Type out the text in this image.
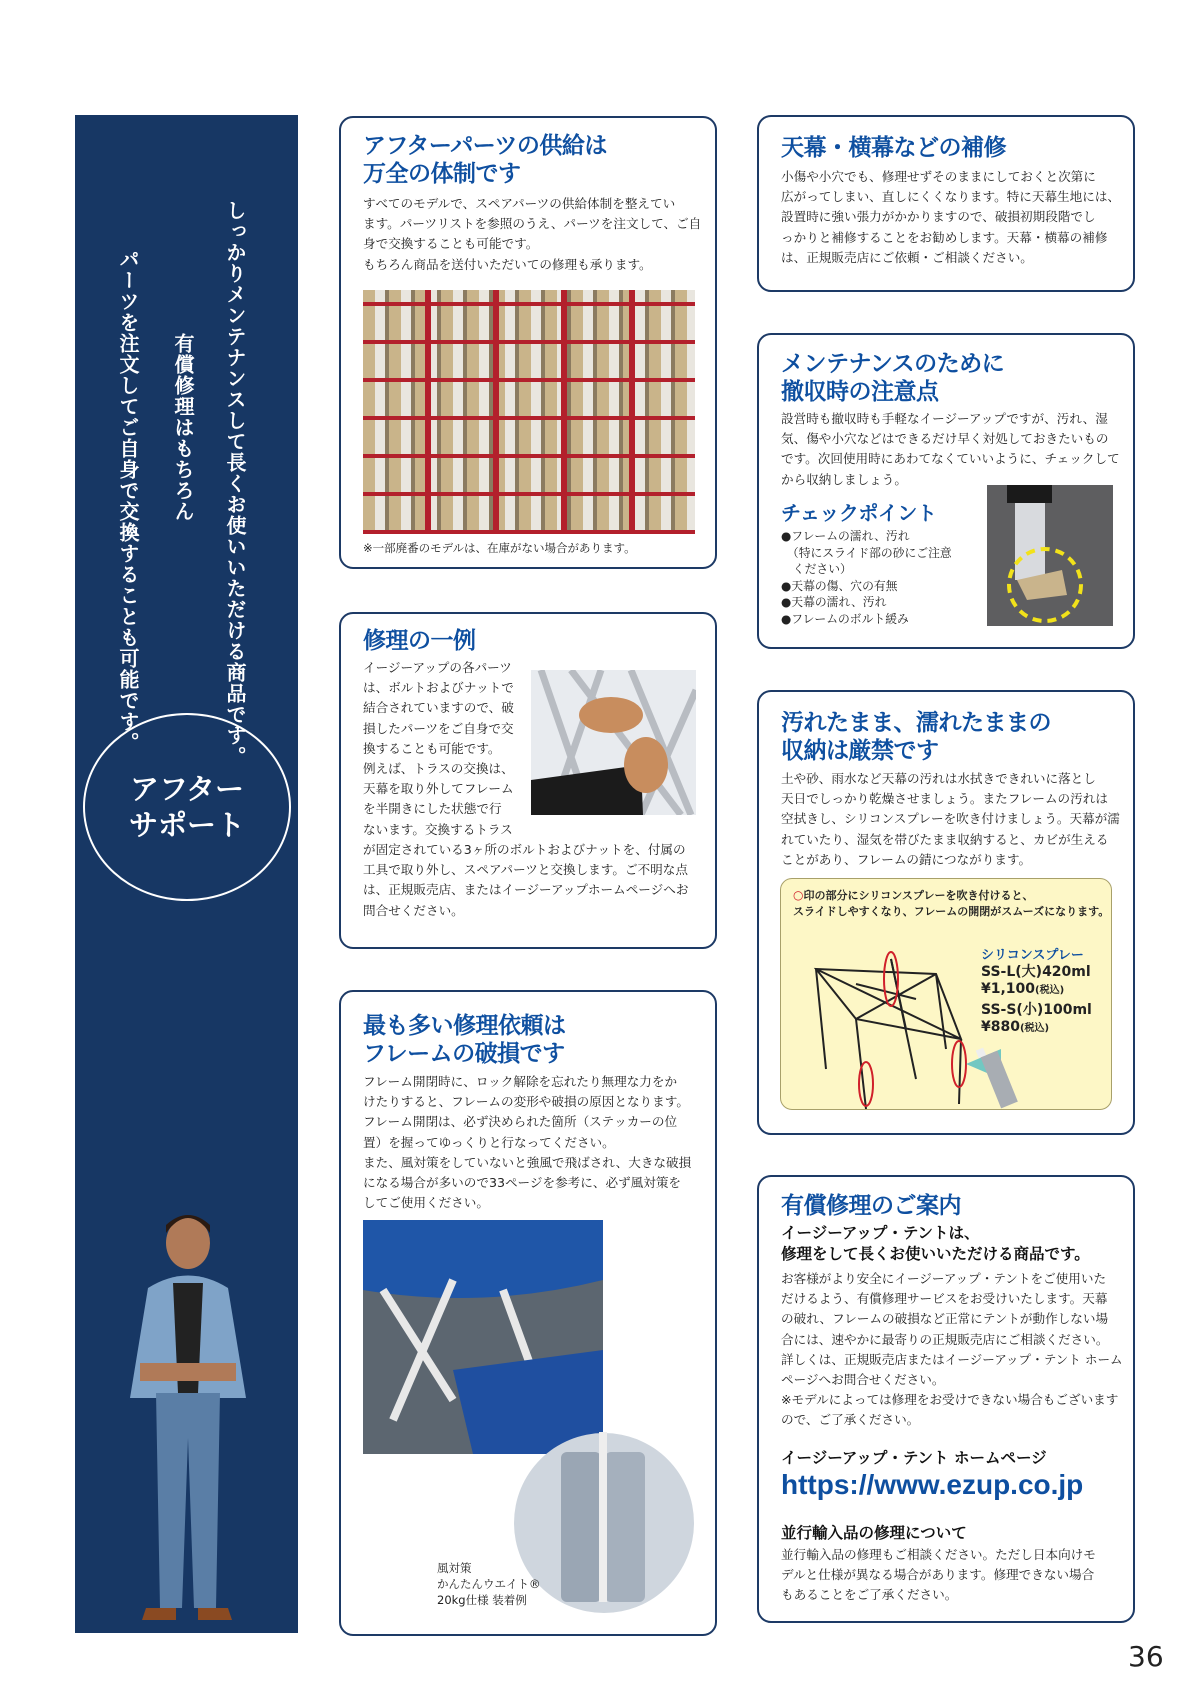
しっかりメンテナンスして長くお使いいただける商品です。
有償修理はもちろん
パーツを注文してご自身で交換することも可能です。
アフター
サポート
アフターパーツの供給は
万全の体制です
すべてのモデルで、スペアパーツの供給体制を整えてい
ます。パーツリストを参照のうえ、パーツを注文して、ご自
身で交換することも可能です。
もちろん商品を送付いただいての修理も承ります。
※一部廃番のモデルは、在庫がない場合があります。
修理の一例
イージーアップの各パーツ
は、ボルトおよびナットで
結合されていますので、破
損したパーツをご自身で交
換することも可能です。
例えば、トラスの交換は、
天幕を取り外してフレーム
を半開きにした状態で行
ないます。交換するトラス
が固定されている3ヶ所のボルトおよびナットを、付属の
工具で取り外し、スペアパーツと交換します。ご不明な点
は、正規販売店、またはイージーアップホームページへお
問合せください。
最も多い修理依頼は
フレームの破損です
フレーム開閉時に、ロック解除を忘れたり無理な力をか
けたりすると、フレームの変形や破損の原因となります。
フレーム開閉は、必ず決められた箇所（ステッカーの位
置）を握ってゆっくりと行なってください。
また、風対策をしていないと強風で飛ばされ、大きな破損
になる場合が多いので33ページを参考に、必ず風対策を
してご使用ください。
風対策
かんたんウエイト®
20kg仕様 装着例
天幕・横幕などの補修
小傷や小穴でも、修理せずそのままにしておくと次第に
広がってしまい、直しにくくなります。特に天幕生地には、
設置時に強い張力がかかりますので、破損初期段階でし
っかりと補修することをお勧めします。天幕・横幕の補修
は、正規販売店にご依頼・ご相談ください。
メンテナンスのために
撤収時の注意点
設営時も撤収時も手軽なイージーアップですが、汚れ、湿
気、傷や小穴などはできるだけ早く対処しておきたいもの
です。次回使用時にあわてなくていいように、チェックして
から収納しましょう。
チェックポイント
●フレームの濡れ、汚れ
　（特にスライド部の砂にご注意
　ください）
●天幕の傷、穴の有無
●天幕の濡れ、汚れ
●フレームのボルト緩み
汚れたまま、濡れたままの
収納は厳禁です
土や砂、雨水など天幕の汚れは水拭きできれいに落とし
天日でしっかり乾燥させましょう。またフレームの汚れは
空拭きし、シリコンスプレーを吹き付けましょう。天幕が濡
れていたり、湿気を帯びたまま収納すると、カビが生える
ことがあり、フレームの錆につながります。
○印の部分にシリコンスプレーを吹き付けると、
スライドしやすくなり、フレームの開閉がスムーズになります。
シリコンスプレー
SS-L(大)420ml
¥1,100(税込)
SS-S(小)100ml
¥880(税込)
有償修理のご案内
イージーアップ・テントは、
修理をして長くお使いいただける商品です。
お客様がより安全にイージーアップ・テントをご使用いた
だけるよう、有償修理サービスをお受けいたします。天幕
の破れ、フレームの破損など正常にテントが動作しない場
合には、速やかに最寄りの正規販売店にご相談ください。
詳しくは、正規販売店またはイージーアップ・テント ホーム
ページへお問合せください。
※モデルによっては修理をお受けできない場合もございます
ので、ご了承ください。
イージーアップ・テント ホームページ
https://www.ezup.co.jp
並行輸入品の修理について
並行輸入品の修理もご相談ください。ただし日本向けモ
デルと仕様が異なる場合があります。修理できない場合
もあることをご了承ください。
36
